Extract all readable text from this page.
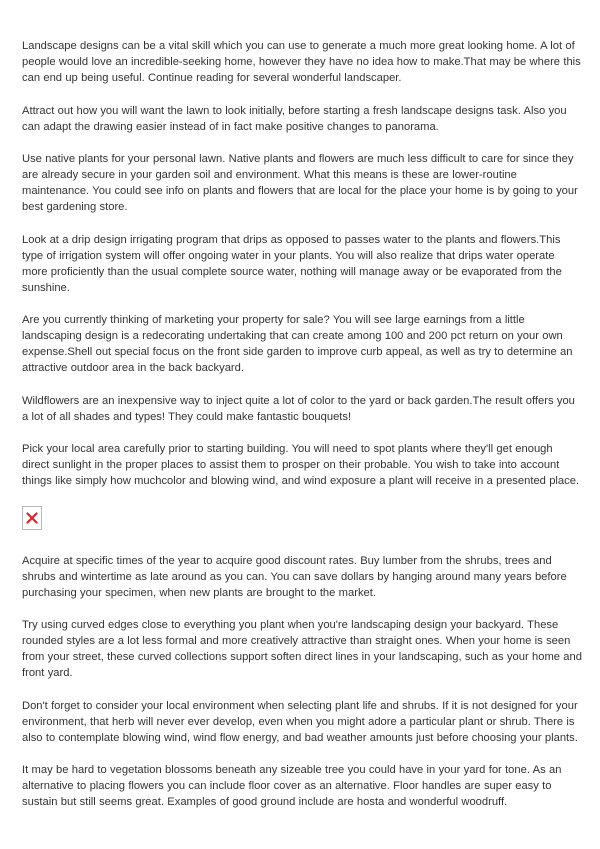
Landscape designs can be a vital skill which you can use to generate a much more great looking home. A lot of people would love an incredible-seeking home, however they have no idea how to make.That may be where this can end up being useful. Continue reading for several wonderful landscaper.

Attract out how you will want the lawn to look initially, before starting a fresh landscape designs task. Also you can adapt the drawing easier instead of in fact make positive changes to panorama.

Use native plants for your personal lawn. Native plants and flowers are much less difficult to care for since they are already secure in your garden soil and environment. What this means is these are lower-routine maintenance. You could see info on plants and flowers that are local for the place your home is by going to your best gardening store.

Look at a drip design irrigating program that drips as opposed to passes water to the plants and flowers.This type of irrigation system will offer ongoing water in your plants. You will also realize that drips water operate more proficiently than the usual complete source water, nothing will manage away or be evaporated from the sunshine.

Are you currently thinking of marketing your property for sale? You will see large earnings from a little landscaping design is a redecorating undertaking that can create among 100 and 200 pct return on your own expense.Shell out special focus on the front side garden to improve curb appeal, as well as try to determine an attractive outdoor area in the back backyard.

Wildflowers are an inexpensive way to inject quite a lot of color to the yard or back garden.The result offers you a lot of all shades and types! They could make fantastic bouquets!

Pick your local area carefully prior to starting building. You will need to spot plants where they'll get enough direct sunlight in the proper places to assist them to prosper on their probable. You wish to take into account things like simply how muchcolor and blowing wind, and wind exposure a plant will receive in a presented place.

Acquire at specific times of the year to acquire good discount rates. Buy lumber from the shrubs, trees and shrubs and wintertime as late around as you can. You can save dollars by hanging around many years before purchasing your specimen, when new plants are brought to the market.

Try using curved edges close to everything you plant when you're landscaping design your backyard. These rounded styles are a lot less formal and more creatively attractive than straight ones. When your home is seen from your street, these curved collections support soften direct lines in your landscaping, such as your home and front yard.

Don't forget to consider your local environment when selecting plant life and shrubs. If it is not designed for your environment, that herb will never ever develop, even when you might adore a particular plant or shrub. There is also to contemplate blowing wind, wind flow energy, and bad weather amounts just before choosing your plants.

It may be hard to vegetation blossoms beneath any sizeable tree you could have in your yard for tone. As an alternative to placing flowers you can include floor cover as an alternative. Floor handles are super easy to sustain but still seems great. Examples of good ground include are hosta and wonderful woodruff.
